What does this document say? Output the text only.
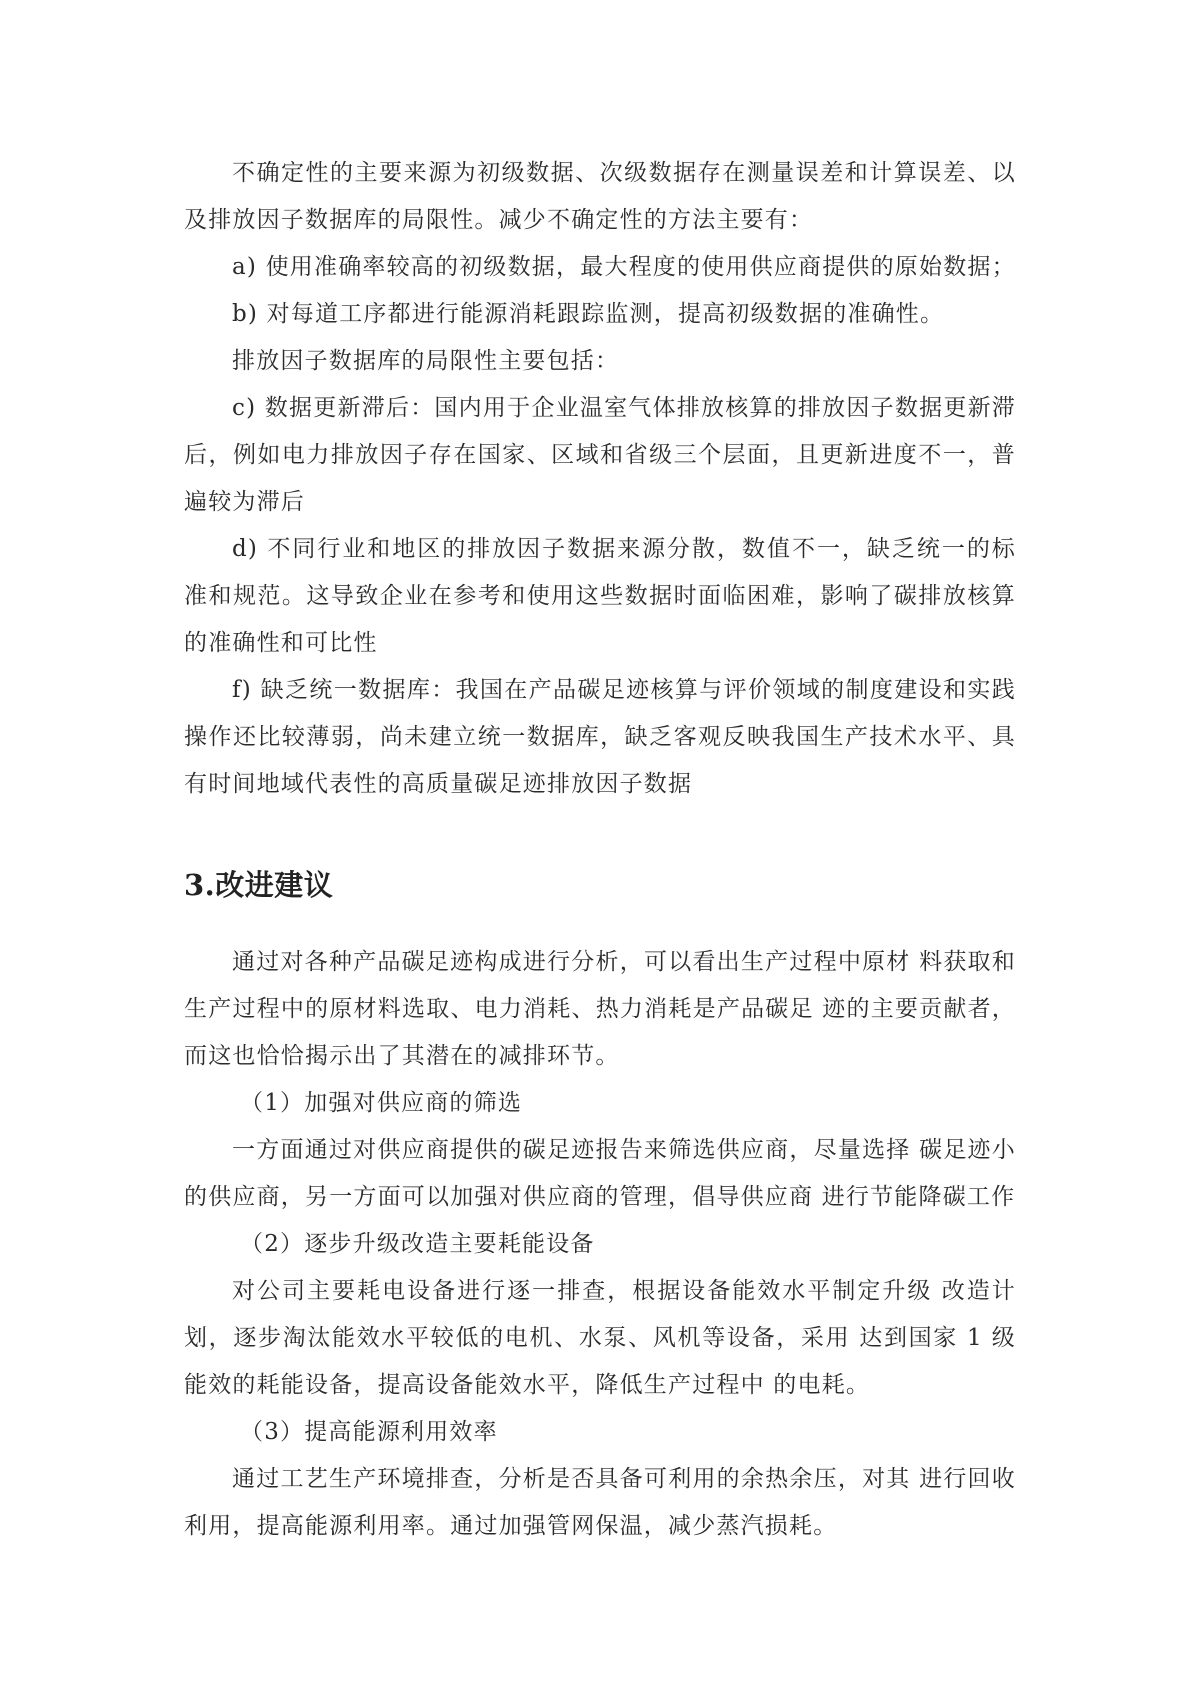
不确定性的主要来源为初级数据、次级数据存在测量误差和计算误差、以及排放因子数据库的局限性。减少不确定性的方法主要有：

a) 使用准确率较高的初级数据，最大程度的使用供应商提供的原始数据；

b) 对每道工序都进行能源消耗跟踪监测，提高初级数据的准确性。

排放因子数据库的局限性主要包括：

c) 数据更新滞后：国内用于企业温室气体排放核算的排放因子数据更新滞后，例如电力排放因子存在国家、区域和省级三个层面，且更新进度不一，普遍较为滞后

d) 不同行业和地区的排放因子数据来源分散，数值不一，缺乏统一的标准和规范。这导致企业在参考和使用这些数据时面临困难，影响了碳排放核算的准确性和可比性

f) 缺乏统一数据库：我国在产品碳足迹核算与评价领域的制度建设和实践操作还比较薄弱，尚未建立统一数据库，缺乏客观反映我国生产技术水平、具有时间地域代表性的高质量碳足迹排放因子数据

3.改进建议

通过对各种产品碳足迹构成进行分析，可以看出生产过程中原材 料获取和生产过程中的原材料选取、电力消耗、热力消耗是产品碳足 迹的主要贡献者，而这也恰恰揭示出了其潜在的减排环节。

（1）加强对供应商的筛选

一方面通过对供应商提供的碳足迹报告来筛选供应商，尽量选择 碳足迹小的供应商，另一方面可以加强对供应商的管理，倡导供应商 进行节能降碳工作

（2）逐步升级改造主要耗能设备

对公司主要耗电设备进行逐一排查，根据设备能效水平制定升级 改造计划，逐步淘汰能效水平较低的电机、水泵、风机等设备，采用 达到国家 1 级能效的耗能设备，提高设备能效水平，降低生产过程中 的电耗。

（3）提高能源利用效率

通过工艺生产环境排查，分析是否具备可利用的余热余压，对其 进行回收利用，提高能源利用率。通过加强管网保温，减少蒸汽损耗。
